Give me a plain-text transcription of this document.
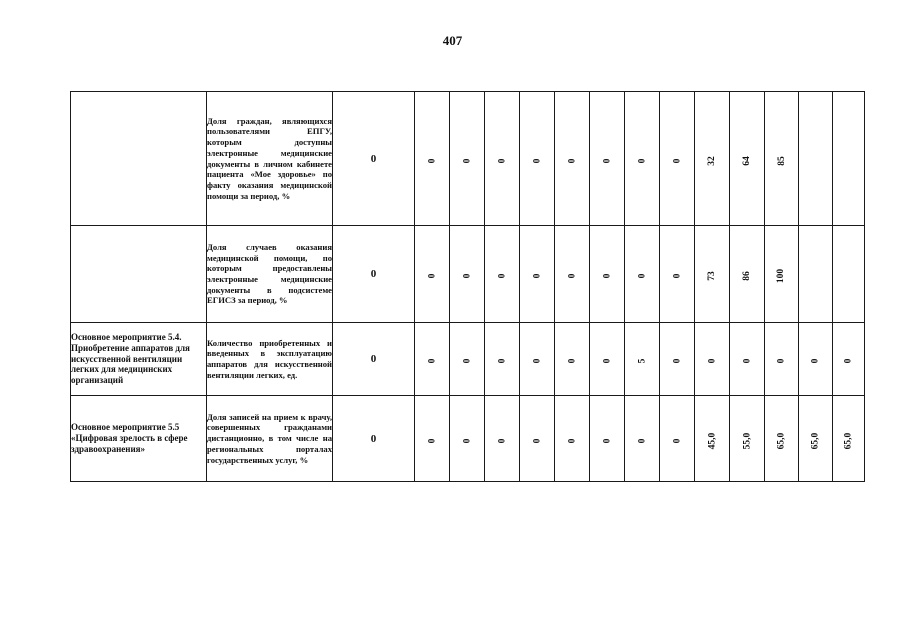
407
	Доля граждан, являющихся пользователями ЕПГУ, которым доступны электронные медицинские документы в личном кабинете пациента «Мое здоровье» по факту оказания медицинской помощи за период, %	0	0	0	0	0	0	0	0	0	32	64	85		
	Доля случаев оказания медицинской помощи, по которым предоставлены электронные медицинские документы в подсистеме ЕГИСЗ за период, %	0	0	0	0	0	0	0	0	0	73	86	100		
Основное мероприятие 5.4. Приобретение аппаратов для искусственной вентиляции легких для медицинских организаций	Количество приобретенных и введенных в эксплуатацию аппаратов для искусственной вентиляции легких, ед.	0	0	0	0	0	0	0	5	0	0	0	0	0	0
Основное мероприятие 5.5 «Цифровая зрелость в сфере здравоохранения»	Доля записей на прием к врачу, совершенных гражданами дистанционно, в том числе на региональных порталах государственных услуг, %	0	0	0	0	0	0	0	0	0	45,0	55,0	65,0	65,0	65,0
